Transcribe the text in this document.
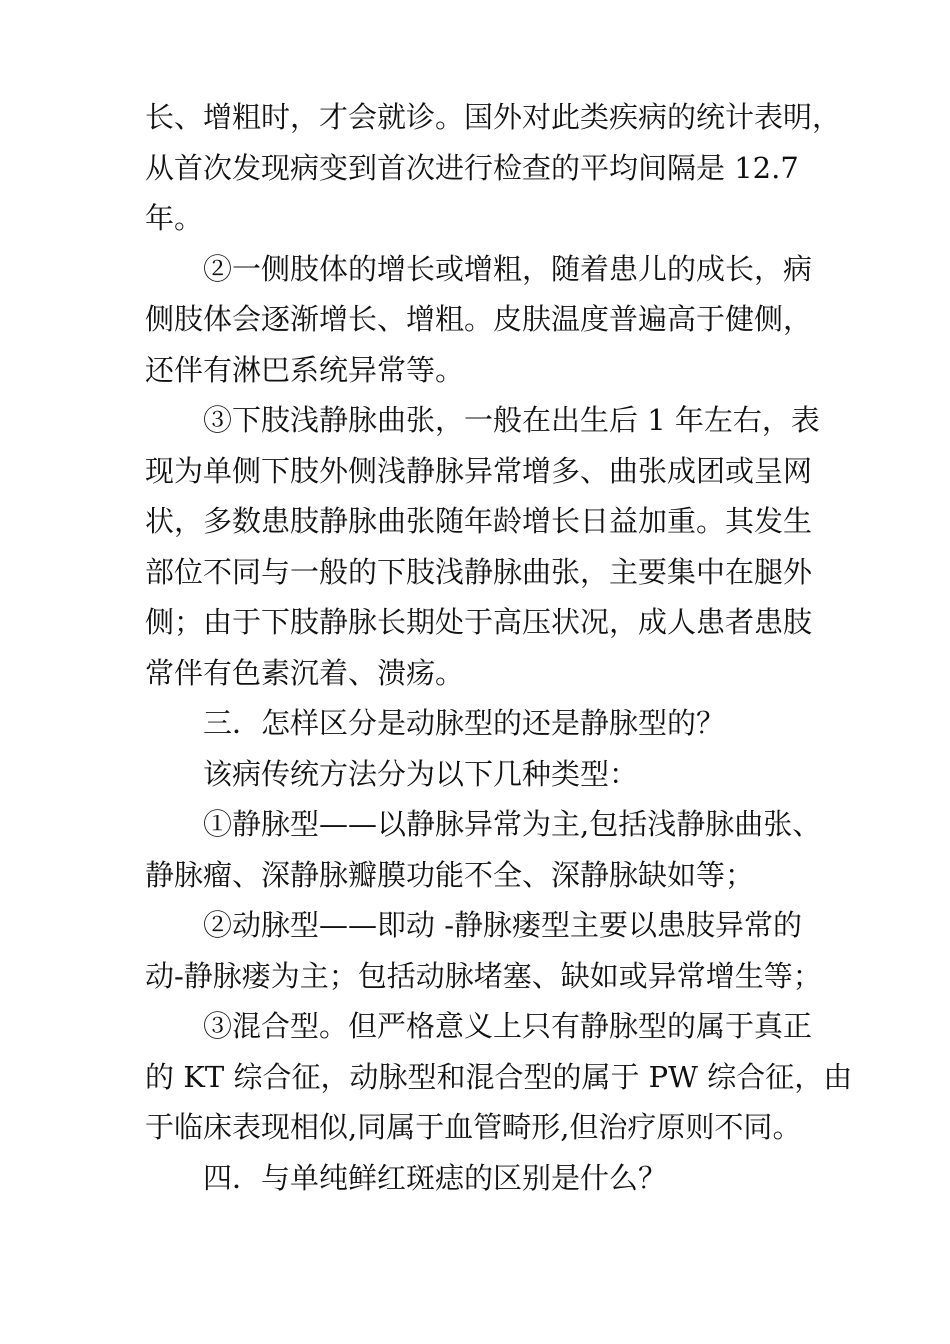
长、增粗时，才会就诊。国外对此类疾病的统计表明，

从首次发现病变到首次进行检查的平均间隔是 12.7

年。

②一侧肢体的增长或增粗，随着患儿的成长，病

侧肢体会逐渐增长、增粗。皮肤温度普遍高于健侧，

还伴有淋巴系统异常等。

③下肢浅静脉曲张，一般在出生后 1 年左右，表

现为单侧下肢外侧浅静脉异常增多、曲张成团或呈网

状，多数患肢静脉曲张随年龄增长日益加重。其发生

部位不同与一般的下肢浅静脉曲张，主要集中在腿外

侧；由于下肢静脉长期处于高压状况，成人患者患肢

常伴有色素沉着、溃疡。

三．怎样区分是动脉型的还是静脉型的？

该病传统方法分为以下几种类型：

①静脉型——以静脉异常为主,包括浅静脉曲张、

静脉瘤、深静脉瓣膜功能不全、深静脉缺如等；

②动脉型——即动 -静脉瘘型主要以患肢异常的

动-静脉瘘为主；包括动脉堵塞、缺如或异常增生等；

③混合型。但严格意义上只有静脉型的属于真正

的 KT 综合征，动脉型和混合型的属于 PW 综合征，由

于临床表现相似,同属于血管畸形,但治疗原则不同。

四．与单纯鲜红斑痣的区别是什么？
